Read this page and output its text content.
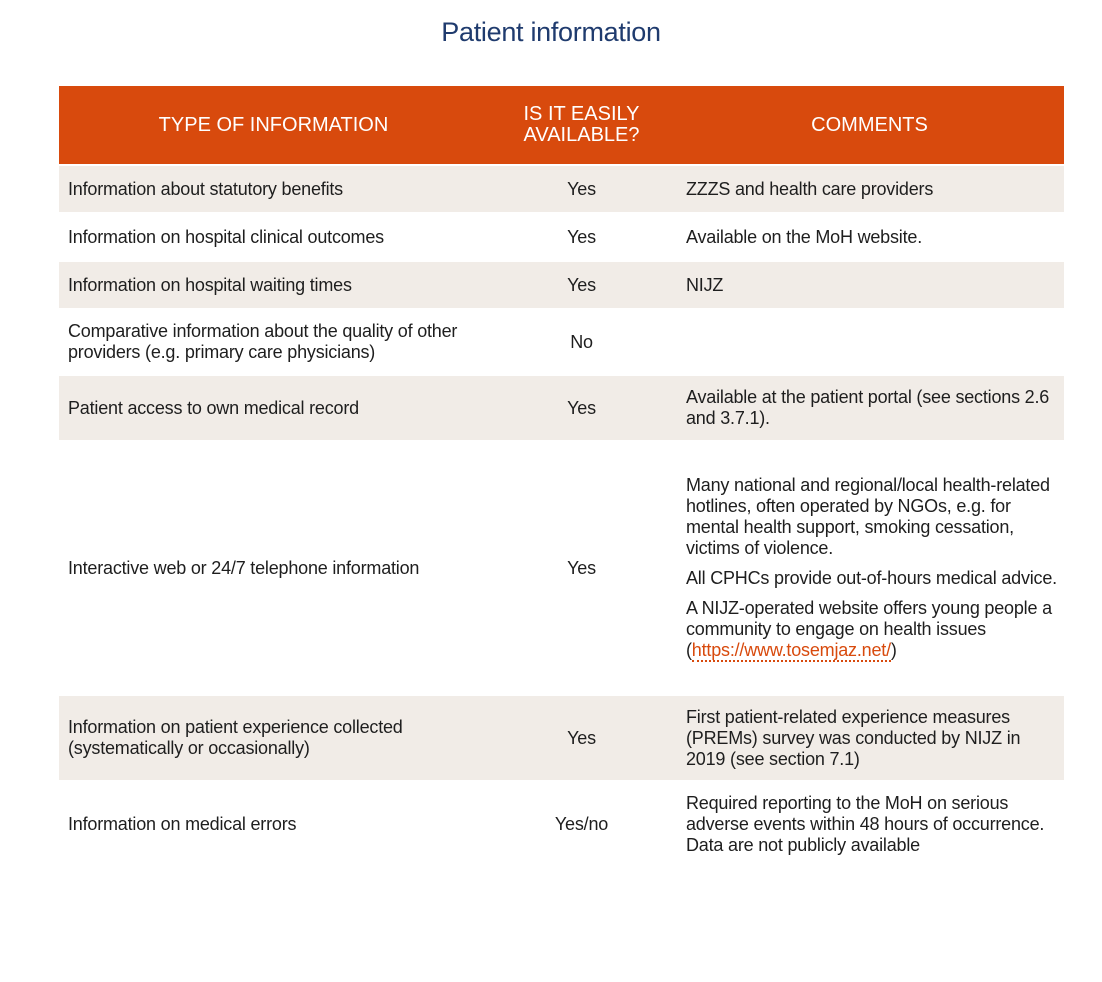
Patient information
TYPE OF INFORMATION	IS IT EASILY AVAILABLE?	COMMENTS
Information about statutory benefits	Yes	ZZZS and health care providers

Information on hospital clinical outcomes	Yes	Available on the MoH website.

Information on hospital waiting times	Yes	NIJZ

Comparative information about the quality of other providers (e.g. primary care physicians)	No	

Patient access to own medical record	Yes	Available at the patient portal (see sections 2.6 and 3.7.1).

Interactive web or 24/7 telephone information	Yes	Many national and regional/local health-related hotlines, often operated by NGOs, e.g. for mental health support, smoking cessation, victims of violence.
All CPHCs provide out-of-hours medical advice.
A NIJZ-operated website offers young people a community to engage on health issues (https://www.tosemjaz.net/)

Information on patient experience collected (systematically or occasionally)	Yes	First patient-related experience measures (PREMs) survey was conducted by NIJZ in 2019 (see section 7.1)

Information on medical errors	Yes/no	Required reporting to the MoH on serious adverse events within 48 hours of occurrence. Data are not publicly available
